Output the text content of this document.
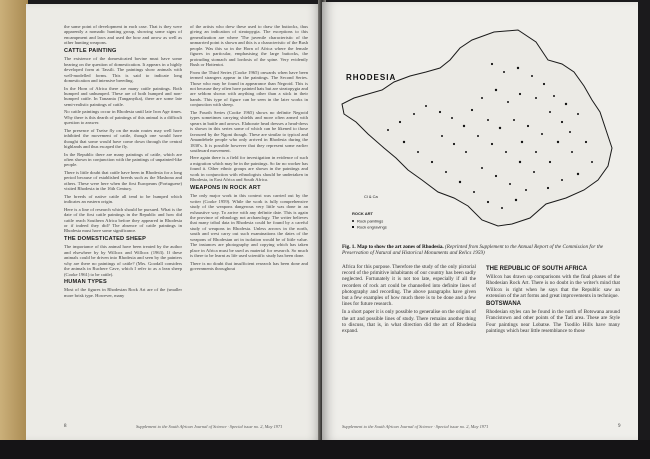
the same point of development in each case. That is they were apparently a nomadic hunting group, showing some signs of encampment and laws and used the bow and arrow as well as other hunting weapons.

CATTLE PAINTING

The existence of the domesticated bovine must have some bearing on the question of domestication. It appears in a highly developed form at Tassili. The paintings show animals with well-modelled forms. This is said to indicate long domestication and intensive breeding.

In the Horn of Africa there are many cattle paintings. Both humped and unhumped. These are of both humped and non-humped cattle. In Tanzania (Tanganyika), there are some late semi-realistic paintings of cattle.

No cattle paintings occur in Rhodesia until late Iron Age times. Why there is this dearth of paintings of this animal is a difficult question to answer.

The presence of Tsetse fly on the main routes may well have inhibited the movement of cattle, though one would have thought that some would have come down through the central highlands and thus escaped the fly.

In the Republic there are many paintings of cattle, which are often shown in conjunction with the paintings of unpainted-like people.

There is little doubt that cattle have been in Rhodesia for a long period because of established breeds such as the Mashona and others. These were here when the first Europeans (Portuguese) visited Rhodesia in the 16th Century.

The breeds of native cattle all tend to be humped which indicates an eastern origin.

Here is a line of research which should be pursued. What is the date of the first cattle paintings in the Republic and how did cattle reach Southern Africa before they appeared in Rhodesia or if indeed they did? The absence of cattle paintings in Rhodesia must have some significance.

THE DOMESTICATED SHEEP

The importance of this animal have been treated by the author and elsewhere by by Willcox and Willcox (1963). If these animals could be driven into Rhodesia and seen by the painters why are there no paintings of cattle? (Mrs. Goodall considers the animals in Ruchere Cave, which I refer to as a lean sheep (Cooke 1961) to be cattle).

HUMAN TYPES

Most of the figures in Rhodesian Rock Art are of the (smaller more brisk type. However, many

of the artists who drew these used to draw the buttocks, thus giving an indication of steatopygia. The exceptions to this generalization are where 'The juvenile characteristic of the unmarried point is shown and this is a characteristic of the Bush people. Was this so in the Horn of Africa where the female figures in particular, emphasising the large buttocks, the protruding stomach and lordosis of the spine. Very evidently Bush or Hottentot.

From the Third Series (Cooke 1965) onwards when have been termed strangers appear in the paintings. The Second Series. Those who may be found in appearance than Negroid. This is not because they often have painted hats but are steatopygia and are seldom shown with anything other than a stick in their hands. This type of figure can be seen in the later works in conjunction with sheep.

The Fourth Series (Cooke 1965) shows no definite Negroid types sometimes carrying shields and more often armed with spears in battle and arrows. Elaborate head dresses a head-dress is shown in this series some of which can be likened to those favoured by the Ngoni though. These are similar to typical and Amandebele people who only arrived in Rhodesia during the 1830's. It is possible however that they represent some earlier southward movement.

Here again there is a field for investigation in evidence of such a migration which may be in the paintings. So far no worker has found it. Other ethnic groups are shown in the paintings and work in conjunction with ethnologists should be undertaken in Rhodesia, in East Africa and South Africa.

WEAPONS IN ROCK ART

The only major work in this context was carried out by the writer (Cooke 1959). While the work is fully comprehensive study of the weapons dangerous very little was done in an exhaustive way. To arrive with any definite date. This is again the province of ethnology not archaeology. The writer believes that many tribal data in Rhodesia could be found by a careful study of weapons in Rhodesia. Unless arrows in the north, south and west carry out such examinations the dates of the weapons of Rhodesian art in isolation would be of little value. The instances are photography and copying which has taken place in Africa must be used as material for research. So much is there to be learnt as life used scientific study has been done.

There is no doubt that insufficient research has been done and governments throughout

8	Supplement to the South African Journal of Science · Special issue no. 2, May 1971
RHODESIA
Cl & Ca
ROCK ART
Rock paintings
Rock engravings
Fig. 1. Map to show the art zones of Rhodesia. (Reprinted from Supplement to the Annual Report of the Commission for the Preservation of Natural and Historical Monuments and Relics 1959)

Africa for this purpose. Therefore the study of the only pictorial record of the primitive inhabitants of our country has been sadly neglected. Fortunately it is not too late, especially if all the recorders of rock art could be channelled into definite lines of photography and recording. The above paragraphs have given but a few examples of how much there is to be done and a few lines for future research.

In a short paper it is only possible to generalise on the origins of the art and possible lines of study. There remains another thing to discuss, that is, in what direction did the art of Rhodesia expand.

THE REPUBLIC OF SOUTH AFRICA

Willcox has drawn up comparisons with the final phases of the Rhodesian Rock Art. There is no doubt in the writer's mind that Willcox is right when he says that the Republic saw an extension of the art forms and great improvements in technique.

BOTSWANA

Rhodesian styles can be found in the north of Botswana around Francistown and other points of the Tati area. These are Style Four paintings near Lobatse. The Tsodilo Hills have many paintings which bear little resemblance to those

Supplement to the South African Journal of Science · Special issue no. 2, May 1971	9
